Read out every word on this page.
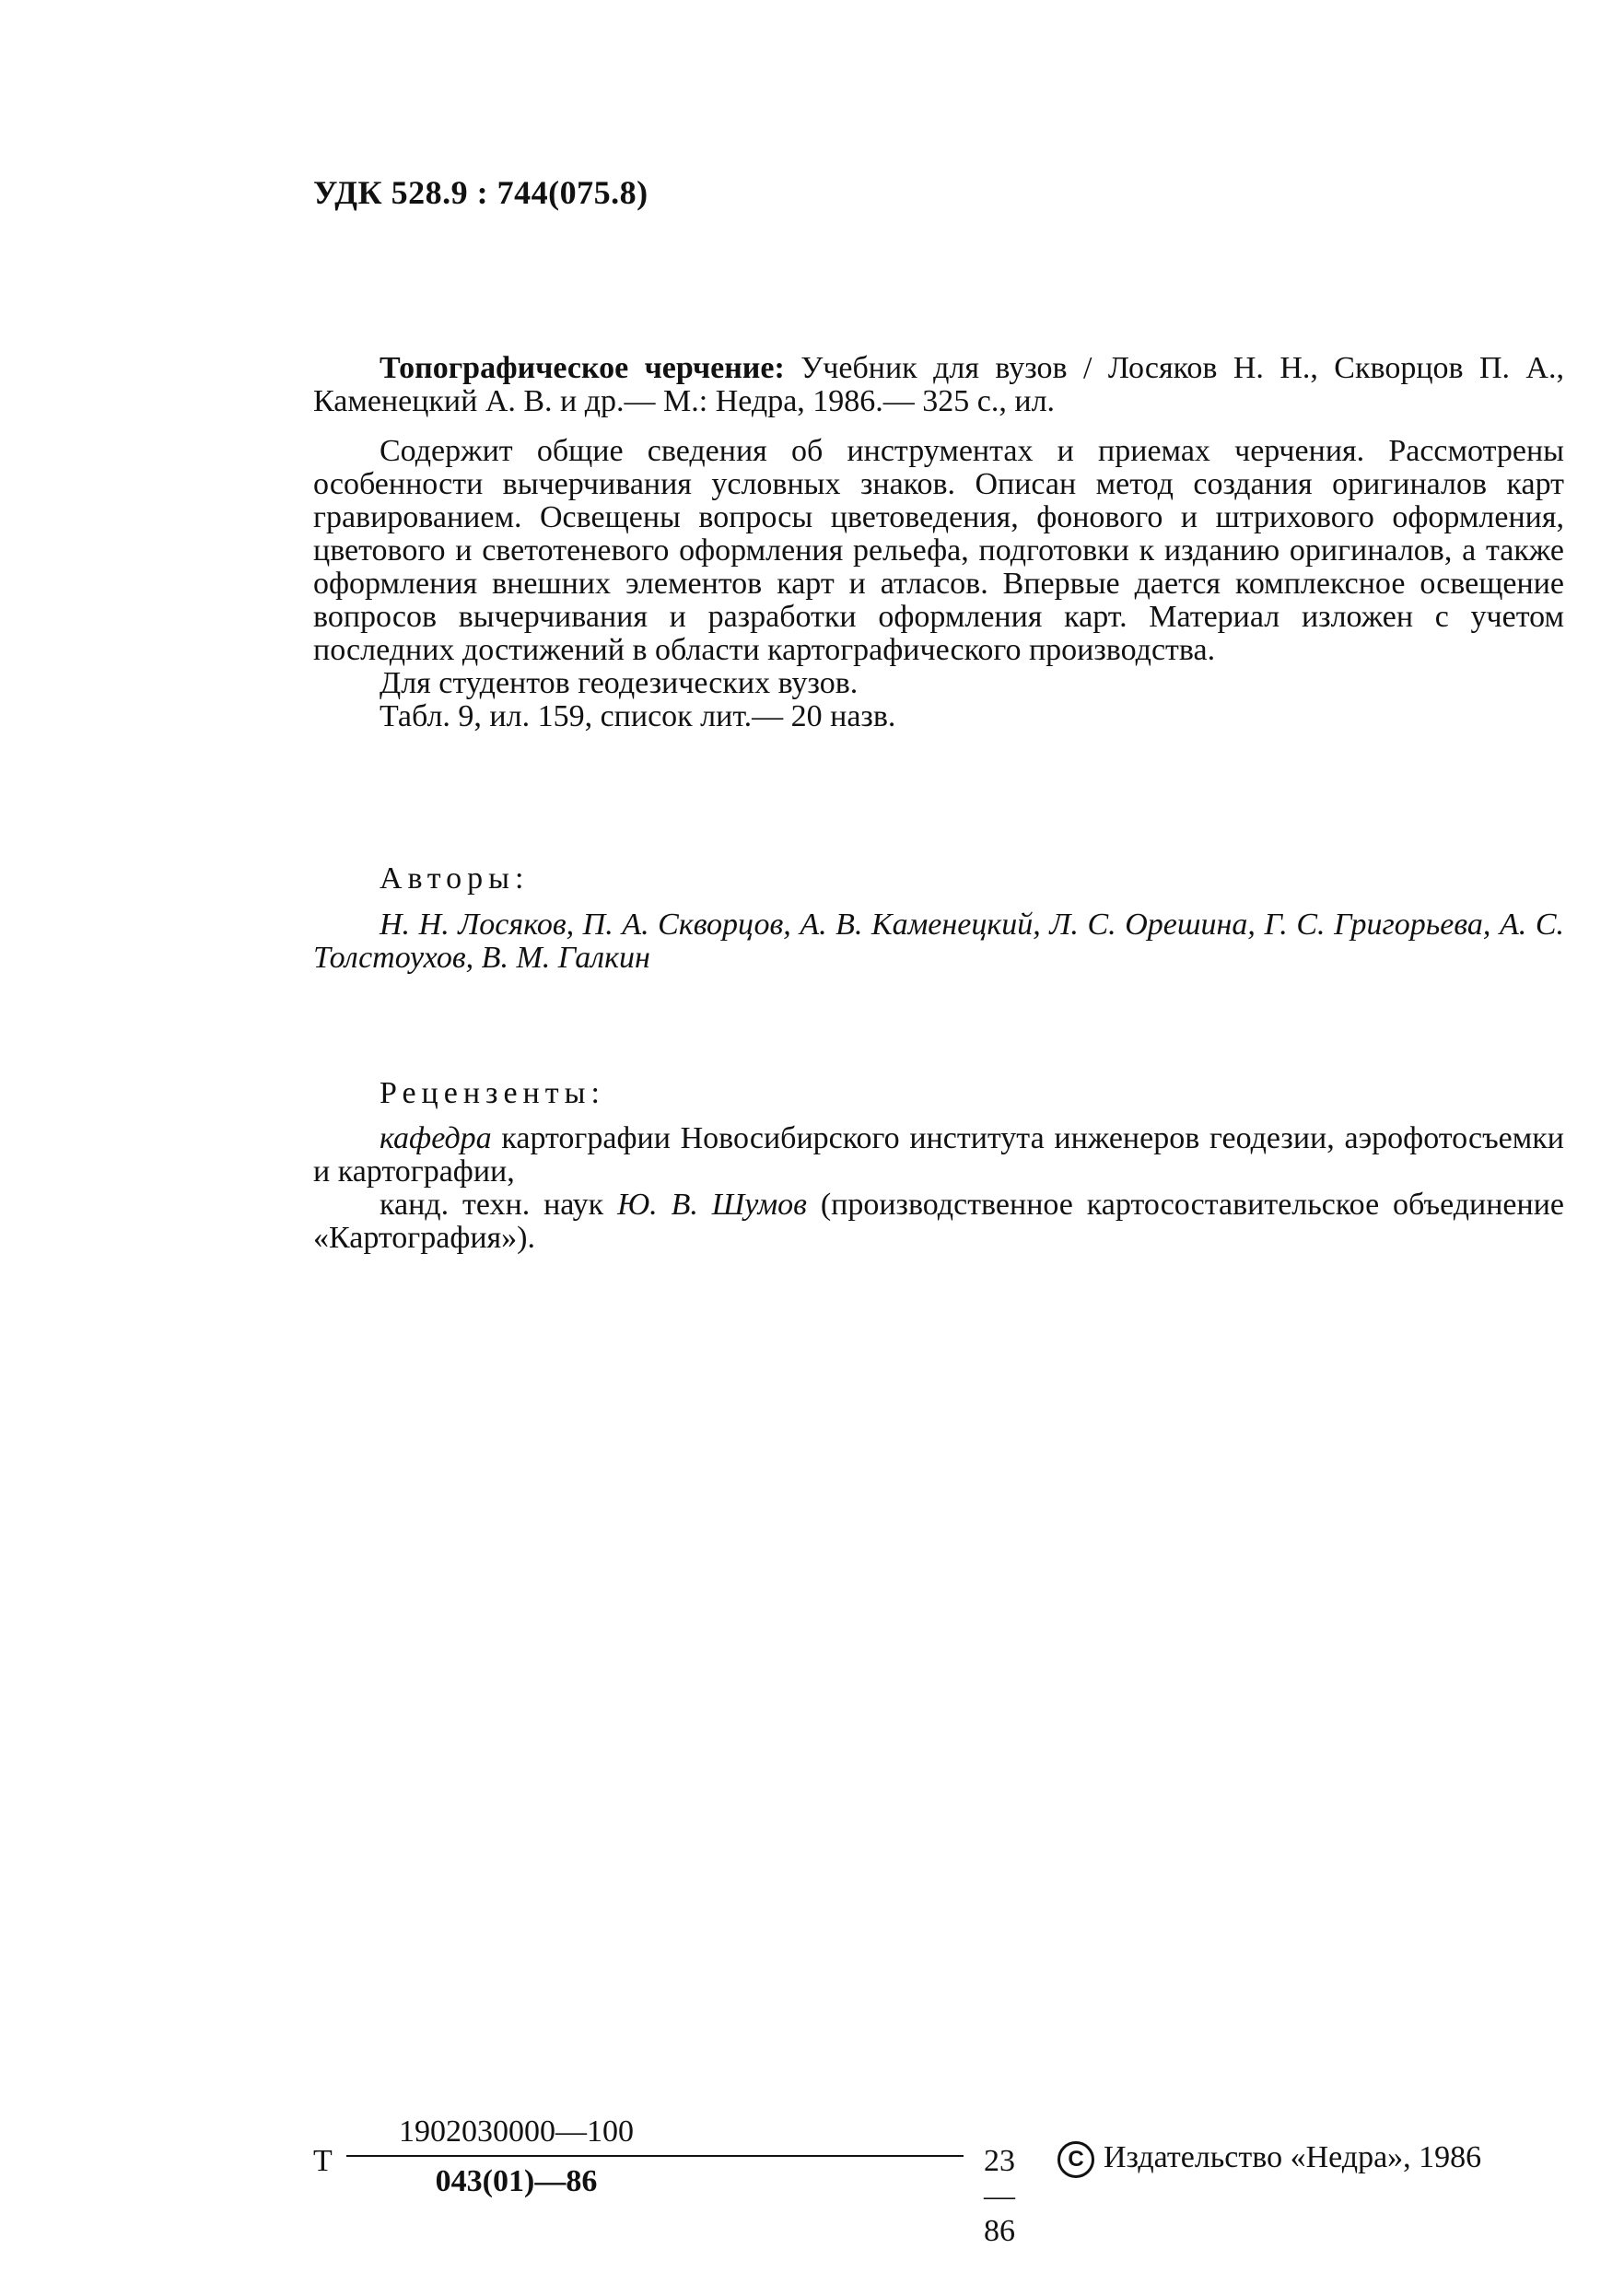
УДК 528.9 : 744(075.8)

Топографическое черчение: Учебник для вузов / Лосяков Н. Н., Скворцов П. А., Каменецкий А. В. и др.— М.: Недра, 1986.— 325 с., ил.

Содержит общие сведения об инструментах и приемах черчения. Рассмотрены особенности вычерчивания условных знаков. Описан метод создания оригиналов карт гравированием. Освещены вопросы цветоведения, фонового и штрихового оформления, цветового и светотеневого оформления рельефа, подготовки к изданию оригиналов, а также оформления внешних элементов карт и атласов. Впервые дается комплексное освещение вопросов вычерчивания и разработки оформления карт. Материал изложен с учетом последних достижений в области картографического производства.

Для студентов геодезических вузов.

Табл. 9, ил. 159, список лит.— 20 назв.

Авторы:

Н. Н. Лосяков, П. А. Скворцов, А. В. Каменецкий, Л. С. Орешина, Г. С. Григорьева, А. С. Толстоухов, В. М. Галкин

Рецензенты:

кафедра картографии Новосибирского института инженеров геодезии, аэрофотосъемки и картографии,

канд. техн. наук Ю. В. Шумов (производственное картосоставительское объединение «Картография»).

Т
1902030000—100
043(01)—86
23—86
C Издательство «Недра», 1986
